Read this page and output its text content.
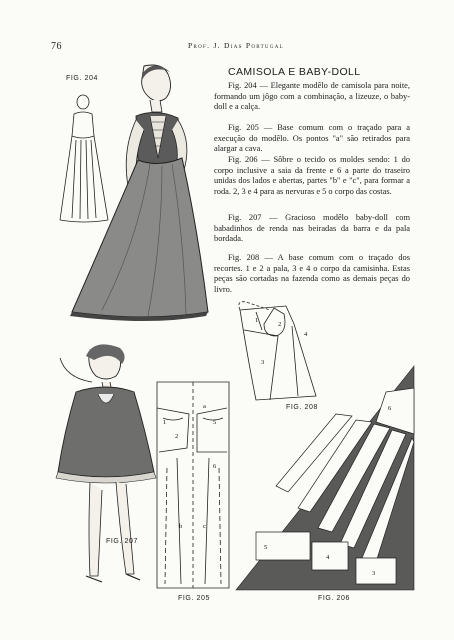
76	Prof. J. Dias Portugal
CAMISOLA E BABY-DOLL
Fig. 204 — Elegante modêlo de camisola para noite, formando um jôgo com a combinação, a lizeuze, o baby-doll e a calça.
Fig. 205 — Base comum com o traçado para a execução do modêlo. Os pontos "a" são retirados para alargar a cava.
Fig. 206 — Sôbre o tecido os moldes sendo: 1 do corpo inclusive a saia da frente e 6 a parte do traseiro unidas dos lados e abertas, partes "b" e "c", para formar a roda. 2, 3 e 4 para as nervuras e 5 o corpo das costas.
Fig. 207 — Gracioso modêlo baby-doll com babadinhos de renda nas beiradas da barra e da pala bordada.
Fig. 208 — A base comum com o traçado dos recortes. 1 e 2 a pala, 3 e 4 o corpo da camisinha. Estas peças são cortadas na fazenda como as demais peças do livro.
FIG. 204
1
2
3
4
FIG. 208
FIG. 207
1
2
5
a
6
b	c
FIG. 205
6
5
4
3
FIG. 206
